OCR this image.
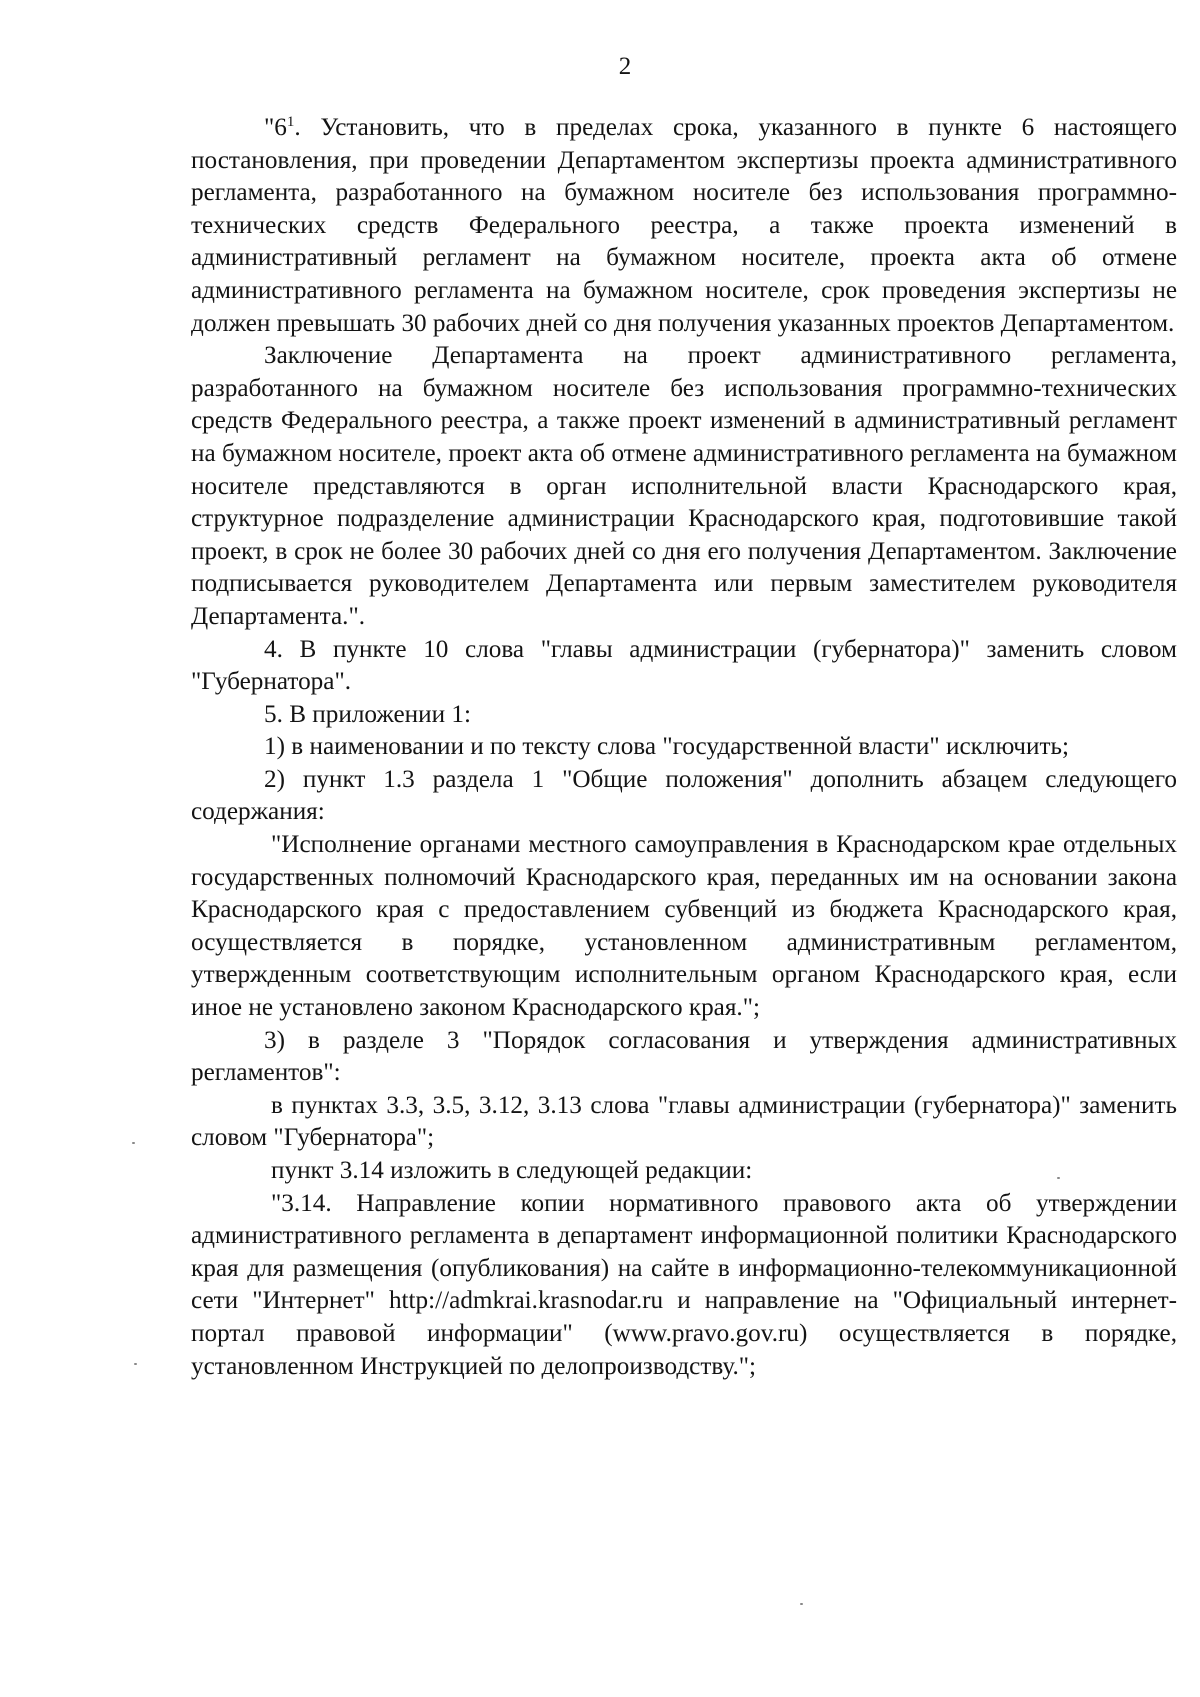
2

"$6^1$. Установить, что в пределах срока, указанного в пункте 6 настоящего постановления, при проведении Департаментом экспертизы проекта административного регламента, разработанного на бумажном носителе без использования программно-технических средств Федерального реестра, а также проекта изменений в административный регламент на бумажном носителе, проекта акта об отмене административного регламента на бумажном носителе, срок проведения экспертизы не должен превышать 30 рабочих дней со дня получения указанных проектов Департаментом.

Заключение Департамента на проект административного регламента, разработанного на бумажном носителе без использования программно-технических средств Федерального реестра, а также проект изменений в административный регламент на бумажном носителе, проект акта об отмене административного регламента на бумажном носителе представляются в орган исполнительной власти Краснодарского края, структурное подразделение администрации Краснодарского края, подготовившие такой проект, в срок не более 30 рабочих дней со дня его получения Департаментом. Заключение подписывается руководителем Департамента или первым заместителем руководителя Департамента.".

4. В пункте 10 слова "главы администрации (губернатора)" заменить словом "Губернатора".

5. В приложении 1:

1) в наименовании и по тексту слова "государственной власти" исключить;

2) пункт 1.3 раздела 1 "Общие положения" дополнить абзацем следующего содержания:

"Исполнение органами местного самоуправления в Краснодарском крае отдельных государственных полномочий Краснодарского края, переданных им на основании закона Краснодарского края с предоставлением субвенций из бюджета Краснодарского края, осуществляется в порядке, установленном административным регламентом, утвержденным соответствующим исполнительным органом Краснодарского края, если иное не установлено законом Краснодарского края.";

3) в разделе 3 "Порядок согласования и утверждения административных регламентов":

в пунктах 3.3, 3.5, 3.12, 3.13 слова "главы администрации (губернатора)" заменить словом "Губернатора";

пункт 3.14 изложить в следующей редакции:

"3.14. Направление копии нормативного правового акта об утверждении административного регламента в департамент информационной политики Краснодарского края для размещения (опубликования) на сайте в информационно-телекоммуникационной сети "Интернет" http://admkrai.krasnodar.ru и направление на "Официальный интернет-портал правовой информации" (www.pravo.gov.ru) осуществляется в порядке, установленном Инструкцией по делопроизводству.";
